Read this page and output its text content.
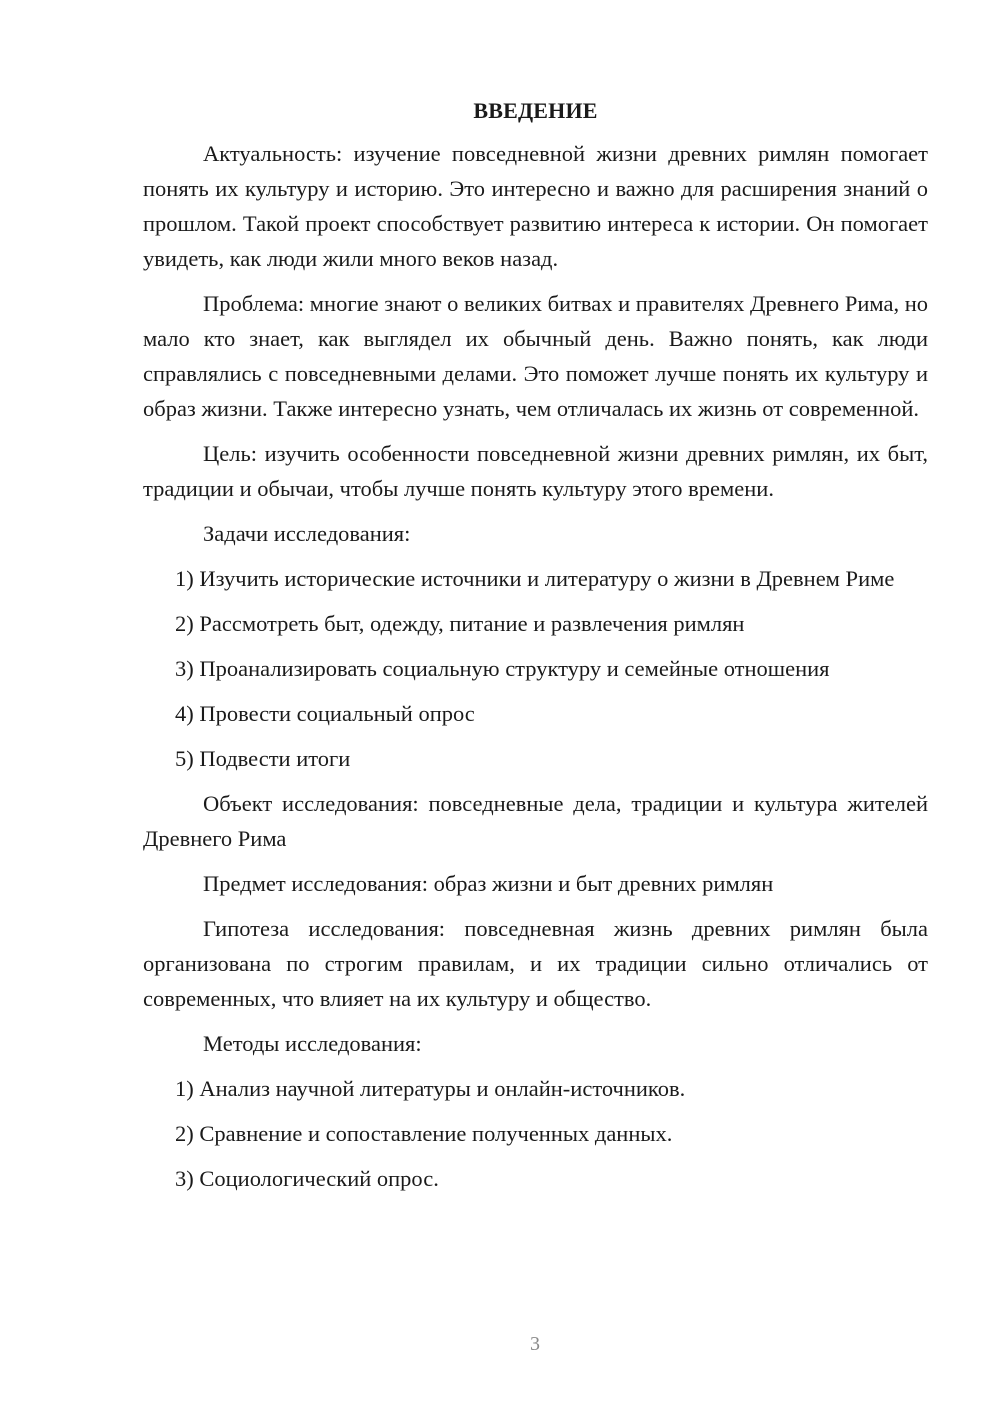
ВВЕДЕНИЕ

Актуальность: изучение повседневной жизни древних римлян помогает понять их культуру и историю. Это интересно и важно для расширения знаний о прошлом. Такой проект способствует развитию интереса к истории. Он помогает увидеть, как люди жили много веков назад.

Проблема: многие знают о великих битвах и правителях Древнего Рима, но мало кто знает, как выглядел их обычный день. Важно понять, как люди справлялись с повседневными делами. Это поможет лучше понять их культуру и образ жизни. Также интересно узнать, чем отличалась их жизнь от современной.

Цель: изучить особенности повседневной жизни древних римлян, их быт, традиции и обычаи, чтобы лучше понять культуру этого времени.

Задачи исследования:

1) Изучить исторические источники и литературу о жизни в Древнем Риме

2) Рассмотреть быт, одежду, питание и развлечения римлян

3) Проанализировать социальную структуру и семейные отношения

4) Провести социальный опрос

5) Подвести итоги

Объект исследования: повседневные дела, традиции и культура жителей Древнего Рима

Предмет исследования: образ жизни и быт древних римлян

Гипотеза исследования: повседневная жизнь древних римлян была организована по строгим правилам, и их традиции сильно отличались от современных, что влияет на их культуру и общество.

Методы исследования:

1) Анализ научной литературы и онлайн-источников.

2) Сравнение и сопоставление полученных данных.

3) Социологический опрос.

3
